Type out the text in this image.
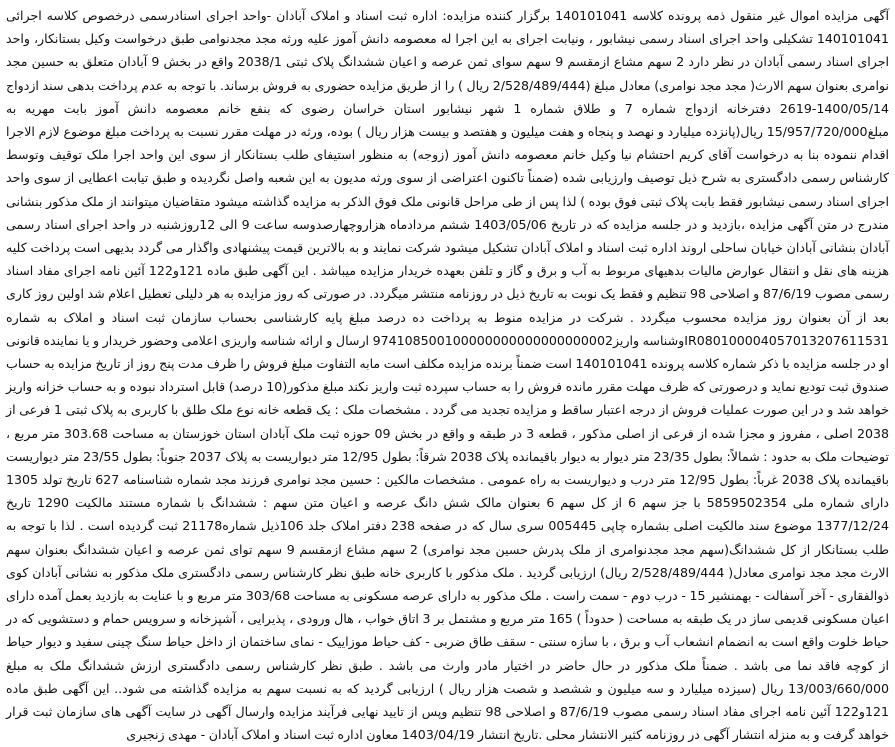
آگهی مزایده اموال غیر منقول ذمه پرونده کلاسه 140101041 برگزار کننده مزایده: اداره ثبت اسناد و املاک آبادان -واحد اجرای اسنادرسمی درخصوص کلاسه اجرائی 140101041 تشکیلی واحد اجرای اسناد رسمی نیشابور ، ونیابت اجرای به این اجرا له معصومه دانش آموز علیه ورثه مجد مجدنوامی طبق درخواست وکیل بستانکار، واحد اجرای اسناد رسمی آبادان در نظر دارد 2 سهم مشاع ازمقسم 9 سهم سوای ثمن عرصه و اعیان ششدانگ پلاک ثبتی 2038/1 واقع در بخش 9 آبادان متعلق به حسین مجد نوامری بعنوان سهم الارث( مجد مجد نوامری) معادل مبلغ (2/528/489/444 ریال ) را از طریق مزایده حضوری به فروش برساند. با توجه به عدم پرداخت بدهی سند ازدواج 1400/05/14-2619 دفترخانه ازدواج شماره 7 و طلاق شماره 1 شهر نیشابور استان خراسان رضوی که بنفع خانم معصومه دانش آموز بابت مهریه به مبلغ15/957/720/000 ریال(پانزده میلیارد و نهصد و پنجاه و هفت میلیون و هفتصد و بیست هزار ریال ) بوده، ورثه در مهلت مقرر نسبت به پرداخت مبلغ موضوع لازم الاجرا اقدام ننموده بنا به درخواست آقای کریم احتشام نیا وکیل خانم معصومه دانش آموز (زوجه) به منظور استیفای طلب بستانکار از سوی این واحد اجرا ملک توقیف وتوسط کارشناس رسمی دادگستری به شرح ذیل توصیف وارزیابی شده (ضمناً تاکنون اعتراضی از سوی ورثه مدیون به این شعبه واصل نگردیده و طبق تیابت اعطایی از سوی واحد اجرای اسناد رسمی نیشابور فقط بابت پلاک ثبتی فوق بوده ) لذا پس از طی مراحل قانونی ملک فوق الذکر به مزایده گذاشته میشود متقاضیان میتوانند از ملک مذکور بنشانی مندرج در متن آگهی مزایده ،بازدید و در جلسه مزایده که در تاریخ 1403/05/06 ششم مردادماه هزاروچهارصدوسه ساعت 9 الی 12روزشنبه در واحد اجرای اسناد رسمی آبادان بنشانی آبادان خیابان ساحلی اروند اداره ثبت اسناد و املاک آبادان تشکیل میشود شرکت نمایند و به بالاترین قیمت پیشنهادی واگذار می گردد بدیهی است پرداخت کلیه هزینه های نقل و انتقال عوارض مالیات بدهیهای مربوط به آب و برق و گاز و تلفن بعهده خریدار مزایده میباشد . این آگهی طبق ماده 121و122 آئین نامه اجرای مفاد اسناد رسمی مصوب 87/6/19 و اصلاحی 98 تنظیم و فقط یک نوبت به تاریخ ذیل در روزنامه منتشر میگردد. در صورتی که روز مزایده به هر دلیلی تعطیل اعلام شد اولین روز کاری بعد از آن بعنوان روز مزایده محسوب میگردد . شرکت در مزایده منوط به پرداخت ده درصد مبلغ پایه کارشناسی بحساب سازمان ثبت اسناد و املاک به شماره IR080100004057013207611531وشناسه واریز974108500100000000000000000002 ارسال و ارائه شناسه واریزی اعلامی وحضور خریدار و یا نماینده قانونی او در جلسه مزایده با ذکر شماره کلاسه پرونده 140101041 است ضمناً برنده مزایده مکلف است مابه التفاوت مبلغ فروش را ظرف مدت پنج روز از تاریخ مزایده به حساب صندوق ثبت تودیع نماید و درصورتی که ظرف مهلت مقرر مانده فروش را به حساب سپرده ثبت واریز نکند مبلغ مذکور(10 درصد) قابل استرداد نبوده و به حساب خزانه واریز خواهد شد و در این صورت عملیات فروش از درجه اعتبار ساقط و مزایده تجدید می گردد . مشخصات ملک : یک قطعه خانه نوع ملک طلق با کاربری به پلاک ثبتی 1 فرعی از 2038 اصلی ، مفروز و مجزا شده از فرعی از اصلی مذکور ، قطعه 3 در طبقه و واقع در بخش 09 حوزه ثبت ملک آبادان استان خوزستان به مساحت 303.68 متر مربع ، توضیحات ملک به حدود : شمالاً: بطول 23/35 متر دیوار به دیوار باقیمانده پلاک 2038 شرقاً: بطول 12/95 متر دیواریست به پلاک 2037 جنوباً: بطول 23/55 متر دیواریست باقیمانده پلاک 2038 غرباً: بطول 12/95 متر درب و دیواریست به راه عمومی . مشخصات مالکین : حسین مجد نوامری فرزند مجد شماره شناسنامه 627 تاریخ تولد 1305 دارای شماره ملی 5859502354 با جز سهم 6 از کل سهم 6 بعنوان مالک شش دانگ عرصه و اعیان متن سهم : ششدانگ با شماره مستند مالکیت 1290 تاریخ 1377/12/24 موضوع سند مالکیت اصلی بشماره چاپی 005445 سری سال که در صفحه 238 دفتر املاک جلد 106ذیل شماره21178 ثبت گردیده است . لذا با توجه به طلب بستانکار از کل ششدانگ(سهم مجد مجدنوامری از ملک پدرش حسین مجد نوامری) 2 سهم مشاع ازمقسم 9 سهم توای ثمن عرصه و اعیان ششدانگ بعنوان سهم الارث مجد مجد نوامری معادل( 2/528/489/444 ریال) ارزیابی گردید . ملک مذکور با کاربری خانه طبق نظر کارشناس رسمی دادگستری ملک مذکور به نشانی آبادان کوی ذوالفقاری - آخر آسفالت - بهمنشیر 15 - درب دوم - سمت راست . ملک مذکور به دارای عرصه مسکونی به مساحت 303/68 متر مربع و با عنایت به بازدید بعمل آمده دارای اعیان مسکونی قدیمی ساز در یک طبقه به مساحت ( حدوداً ) 165 متر مربع و مشتمل بر 3 اتاق خواب ، هال ورودی ، پذیرایی ، آشپزخانه و سرویس حمام و دستشویی که در حیاط خلوت واقع است به انضمام انشعاب آب و برق ، با سازه سنتی - سقف طاق ضربی - کف حیاط موزاییک - نمای ساختمان از داخل حیاط سنگ چینی سفید و دیوار حیاط از کوچه فاقد نما می باشد . ضمناً ملک مذکور در حال حاضر در اختیار مادر وارث می باشد . طبق نظر کارشناس رسمی دادگستری ارزش ششدانگ ملک به مبلغ 13/003/660/000 ریال (سیزده میلیارد و سه میلیون و ششصد و شصت هزار ریال ) ارزیابی گردید که به نسبت سهم به مزایده گذاشته می شود.. این آگهی طبق ماده 121و122 آئین نامه اجرای مفاد اسناد رسمی مصوب 87/6/19 و اصلاحی 98 تنظیم وپس از تایید نهایی فرآیند مزایده وارسال آگهی در سایت آگهی های سازمان ثبت قرار خواهد گرفت و به منزله انتشار آگهی در روزنامه کثیر الانتشار محلی .تاریخ انتشار 1403/04/19 معاون اداره ثبت اسناد و املاک آبادان - مهدی زنجیری
